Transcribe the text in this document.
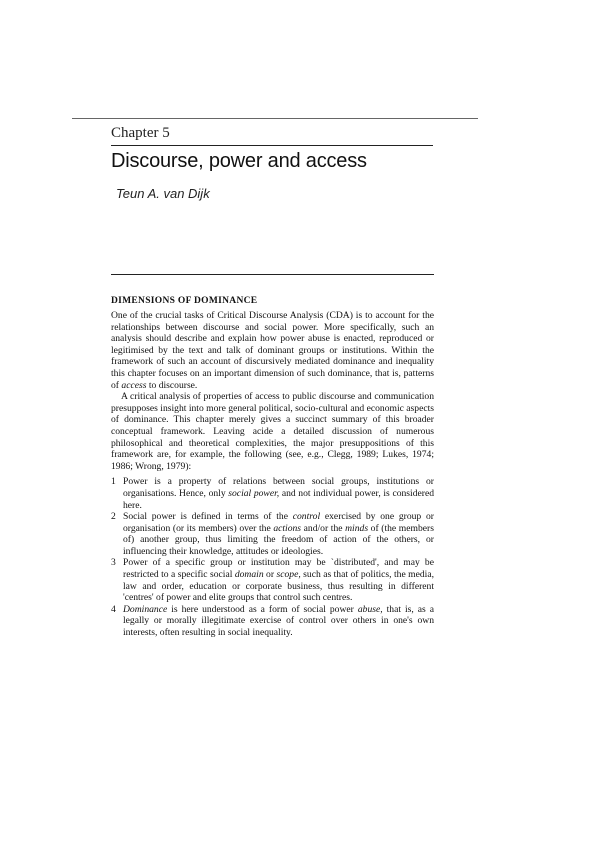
Chapter 5
Discourse, power and access
Teun A. van Dijk
DIMENSIONS OF DOMINANCE

One of the crucial tasks of Critical Discourse Analysis (CDA) is to account for the relationships between discourse and social power. More specifically, such an analysis should describe and explain how power abuse is enacted, reproduced or legitimised by the text and talk of dominant groups or institutions. Within the framework of such an account of discursively mediated dominance and inequality this chapter focuses on an important dimension of such dominance, that is, patterns of access to discourse.

A critical analysis of properties of access to public discourse and communication presupposes insight into more general political, socio-cultural and economic aspects of dominance. This chapter merely gives a succinct summary of this broader conceptual framework. Leaving acide a detailed discussion of numerous philosophical and theoretical complexities, the major presuppositions of this framework are, for example, the following (see, e.g., Clegg, 1989; Lukes, 1974; 1986; Wrong, 1979):

1 Power is a property of relations between social groups, institutions or organisations. Hence, only social power, and not individual power, is considered here.
2 Social power is defined in terms of the control exercised by one group or organisation (or its members) over the actions and/or the minds of (the members of) another group, thus limiting the freedom of action of the others, or influencing their knowledge, attitudes or ideologies.
3 Power of a specific group or institution may be `distributed', and may be restricted to a specific social domain or scope, such as that of politics, the media, law and order, education or corporate business, thus resulting in different 'centres' of power and elite groups that control such centres.
4 Dominance is here understood as a form of social power abuse, that is, as a legally or morally illegitimate exercise of control over others in one's own interests, often resulting in social inequality.
